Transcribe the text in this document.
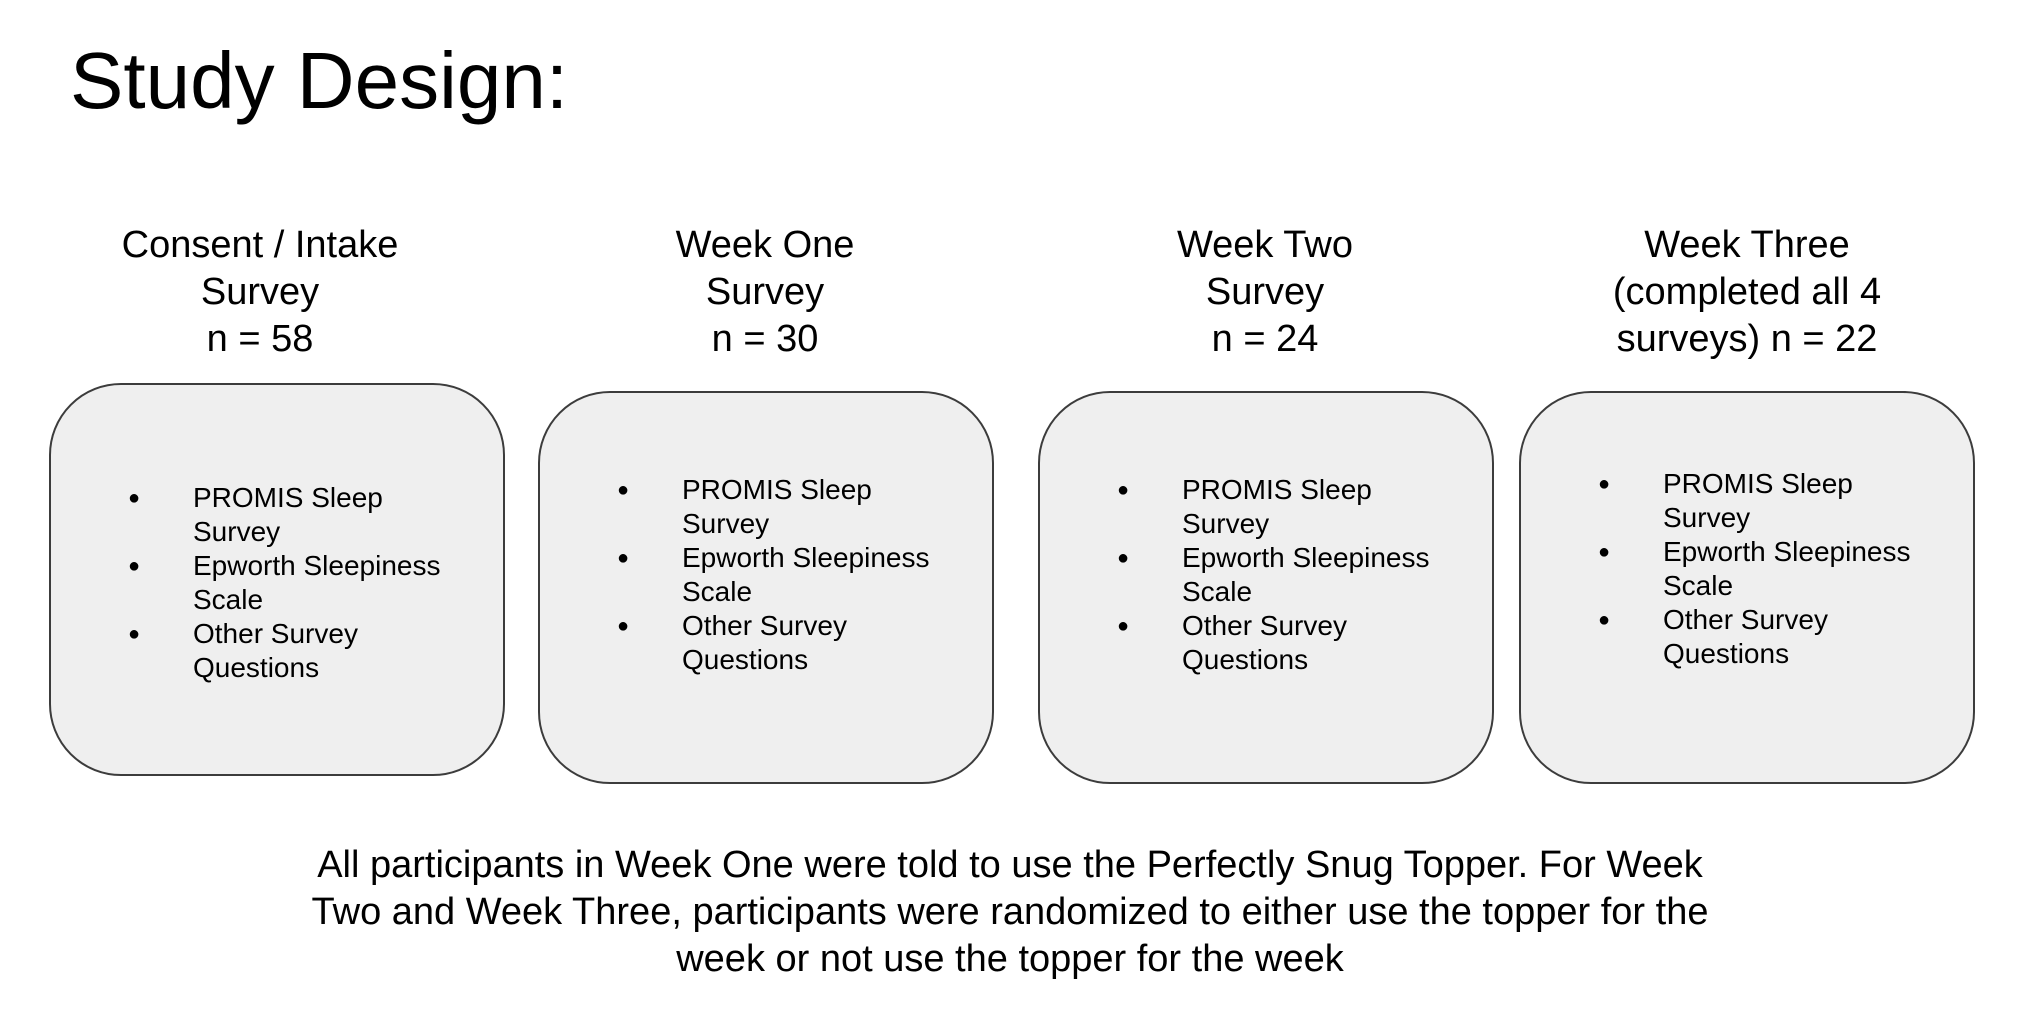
Study Design:
Consent / Intake
Survey
n = 58
● PROMIS Sleep
Survey
● Epworth Sleepiness
Scale
● Other Survey
Questions
Week One
Survey
n = 30
● PROMIS Sleep
Survey
● Epworth Sleepiness
Scale
● Other Survey
Questions
Week Two
Survey
n = 24
● PROMIS Sleep
Survey
● Epworth Sleepiness
Scale
● Other Survey
Questions
Week Three
(completed all 4
surveys) n = 22
● PROMIS Sleep
Survey
● Epworth Sleepiness
Scale
● Other Survey
Questions
All participants in Week One were told to use the Perfectly Snug Topper. For Week
Two and Week Three, participants were randomized to either use the topper for the
week or not use the topper for the week
